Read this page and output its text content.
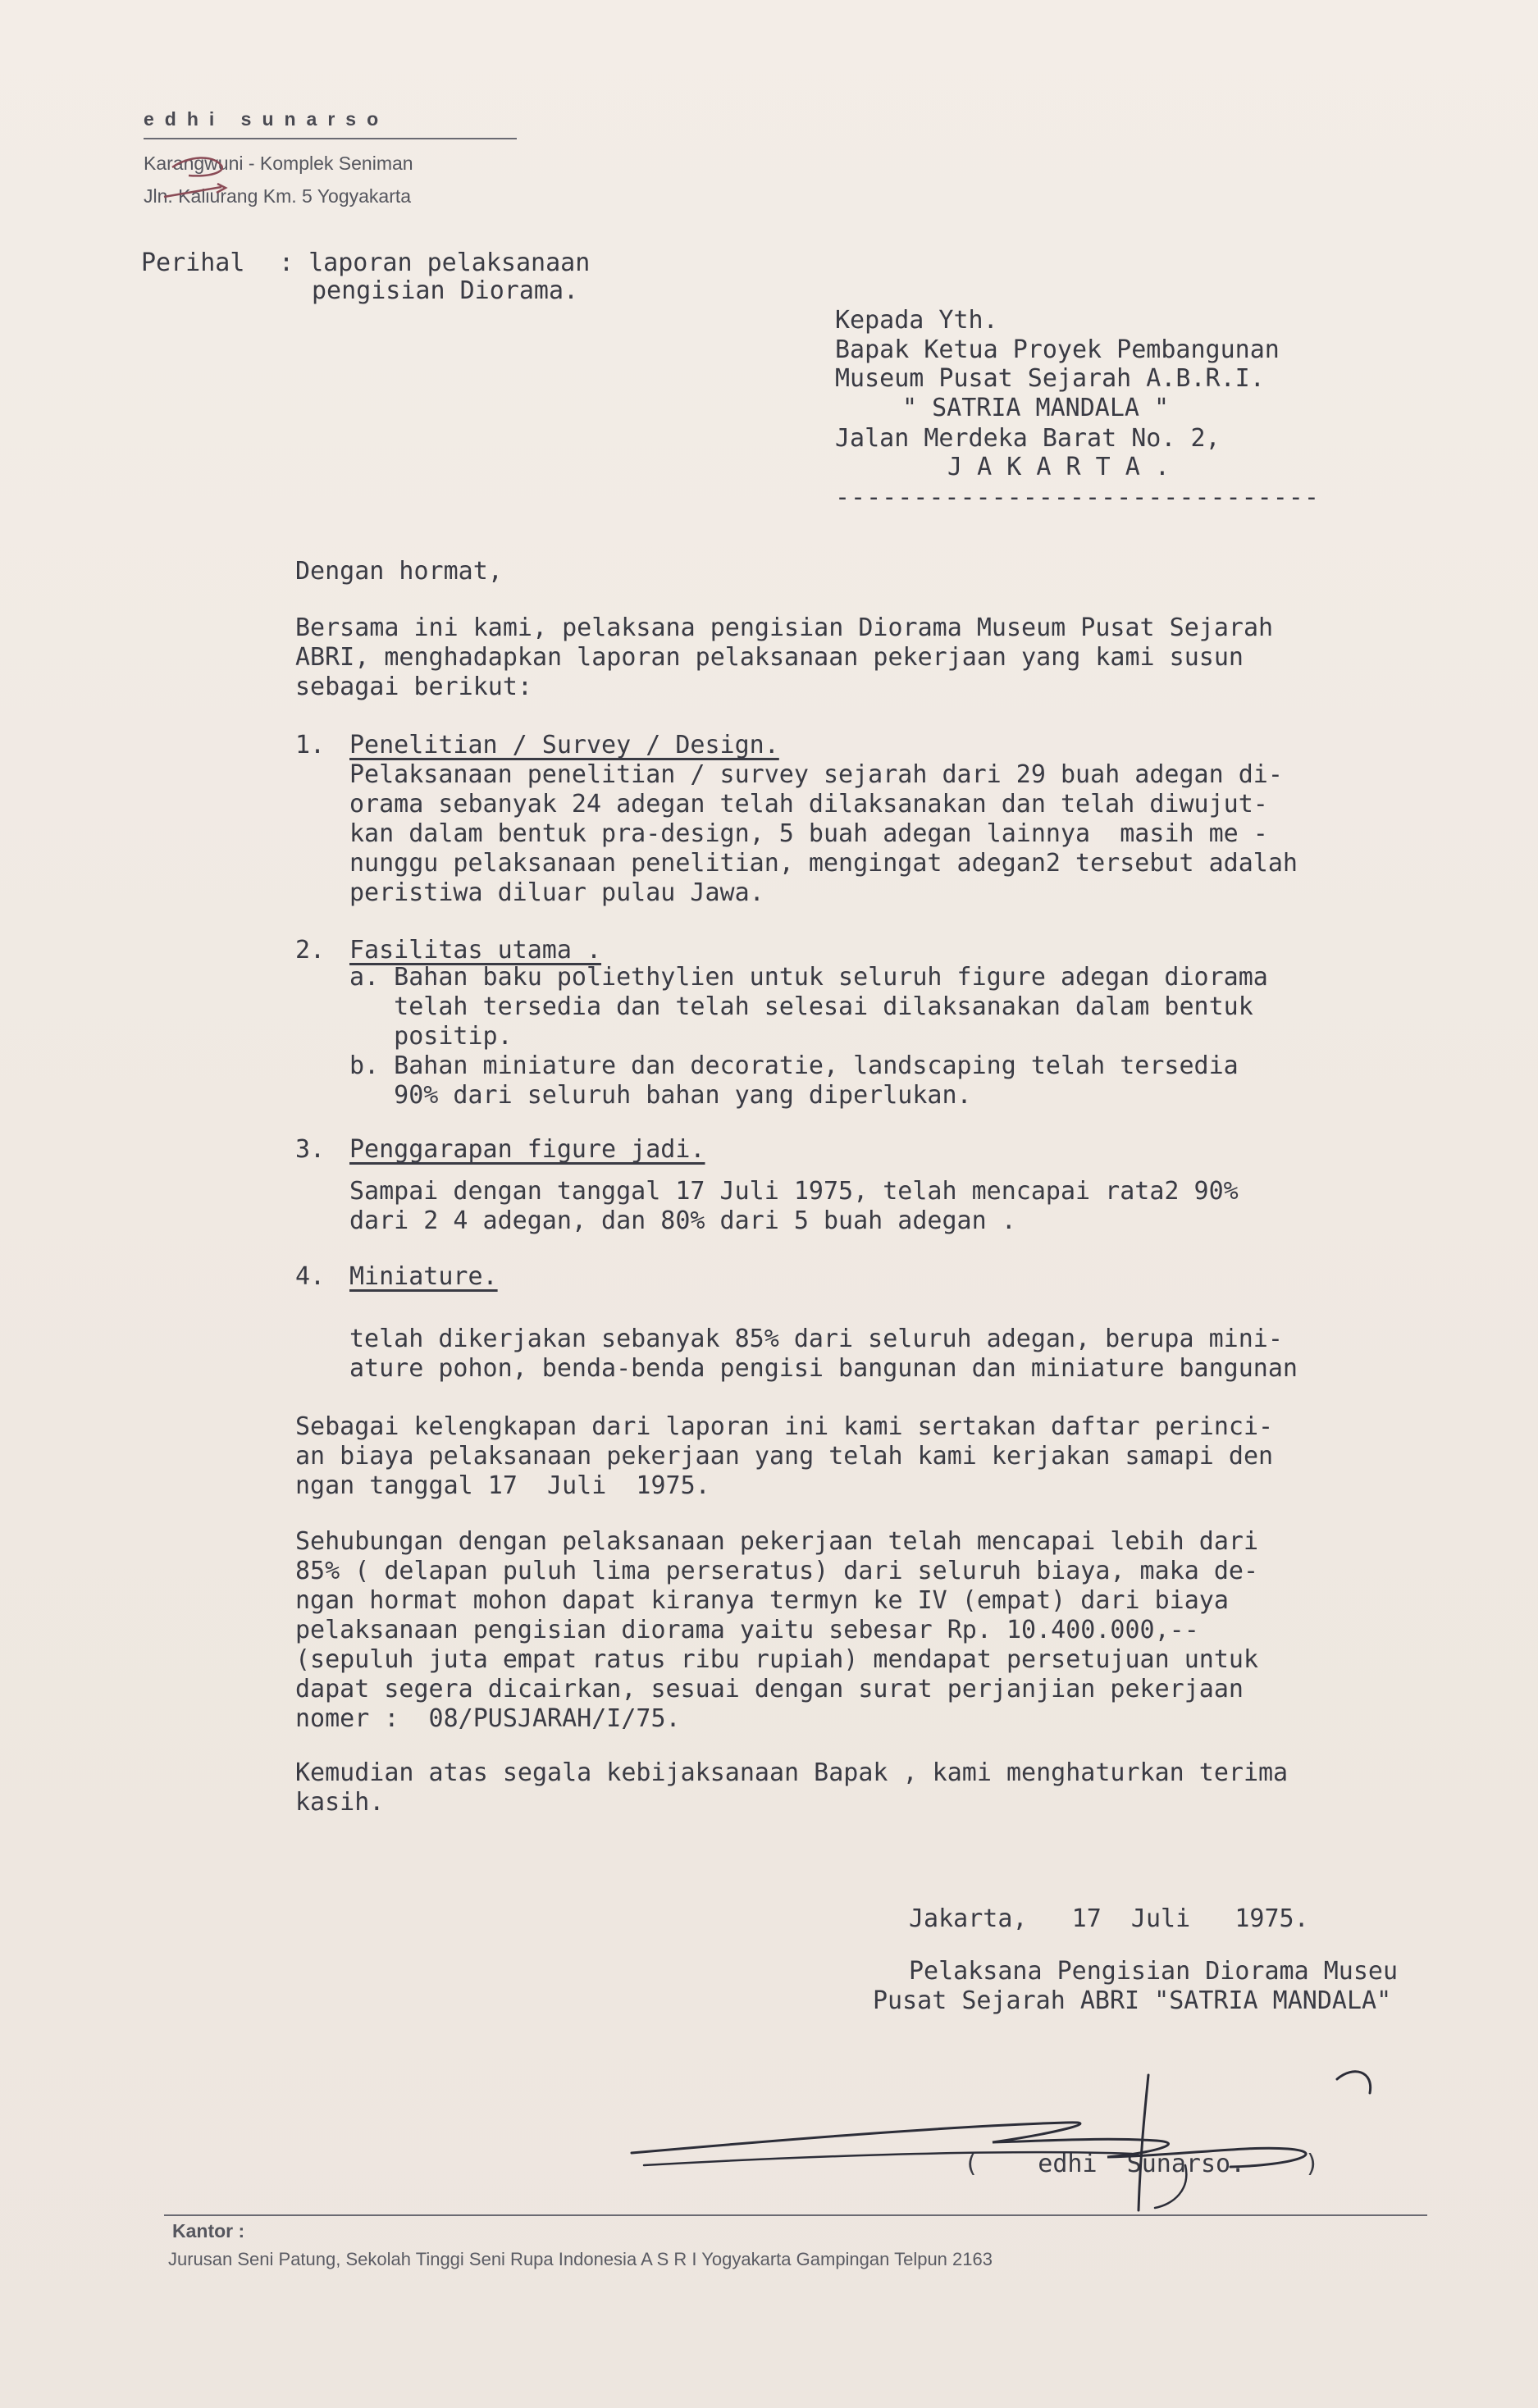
edhi sunarso
Karangwuni - Komplek Seniman
Jln. Kaliurang Km. 5 Yogyakarta
Perihal : laporan pelaksanaan
pengisian Diorama.
Kepada Yth.
Bapak Ketua Proyek Pembangunan
Museum Pusat Sejarah A.B.R.I.
" SATRIA MANDALA "
Jalan Merdeka Barat No. 2,
J A K A R T A .
-------------------------------
Dengan hormat,
Bersama ini kami, pelaksana pengisian Diorama Museum Pusat Sejarah
ABRI, menghadapkan laporan pelaksanaan pekerjaan yang kami susun
sebagai berikut:
1. Penelitian / Survey / Design.
Pelaksanaan penelitian / survey sejarah dari 29 buah adegan di-
orama sebanyak 24 adegan telah dilaksanakan dan telah diwujut-
kan dalam bentuk pra-design, 5 buah adegan lainnya  masih me -
nunggu pelaksanaan penelitian, mengingat adegan2 tersebut adalah
peristiwa diluar pulau Jawa.
2. Fasilitas utama .
a. Bahan baku poliethylien untuk seluruh figure adegan diorama
telah tersedia dan telah selesai dilaksanakan dalam bentuk
positip.
b. Bahan miniature dan decoratie, landscaping telah tersedia
90% dari seluruh bahan yang diperlukan.
3. Penggarapan figure jadi.
Sampai dengan tanggal 17 Juli 1975, telah mencapai rata2 90%
dari 2 4 adegan, dan 80% dari 5 buah adegan .
4. Miniature.
telah dikerjakan sebanyak 85% dari seluruh adegan, berupa mini-
ature pohon, benda-benda pengisi bangunan dan miniature bangunan
Sebagai kelengkapan dari laporan ini kami sertakan daftar perinci-
an biaya pelaksanaan pekerjaan yang telah kami kerjakan samapi den
ngan tanggal 17  Juli  1975.
Sehubungan dengan pelaksanaan pekerjaan telah mencapai lebih dari
85% ( delapan puluh lima perseratus) dari seluruh biaya, maka de-
ngan hormat mohon dapat kiranya termyn ke IV (empat) dari biaya
pelaksanaan pengisian diorama yaitu sebesar Rp. 10.400.000,--
(sepuluh juta empat ratus ribu rupiah) mendapat persetujuan untuk
dapat segera dicairkan, sesuai dengan surat perjanjian pekerjaan
nomer :  08/PUSJARAH/I/75.
Kemudian atas segala kebijaksanaan Bapak , kami menghaturkan terima
kasih.
Jakarta,   17  Juli   1975.
Pelaksana Pengisian Diorama Museu
Pusat Sejarah ABRI "SATRIA MANDALA"
(    edhi  Sunarso.    )
Kantor :
Jurusan Seni Patung, Sekolah Tinggi Seni Rupa Indonesia A S R I Yogyakarta Gampingan Telpun 2163
